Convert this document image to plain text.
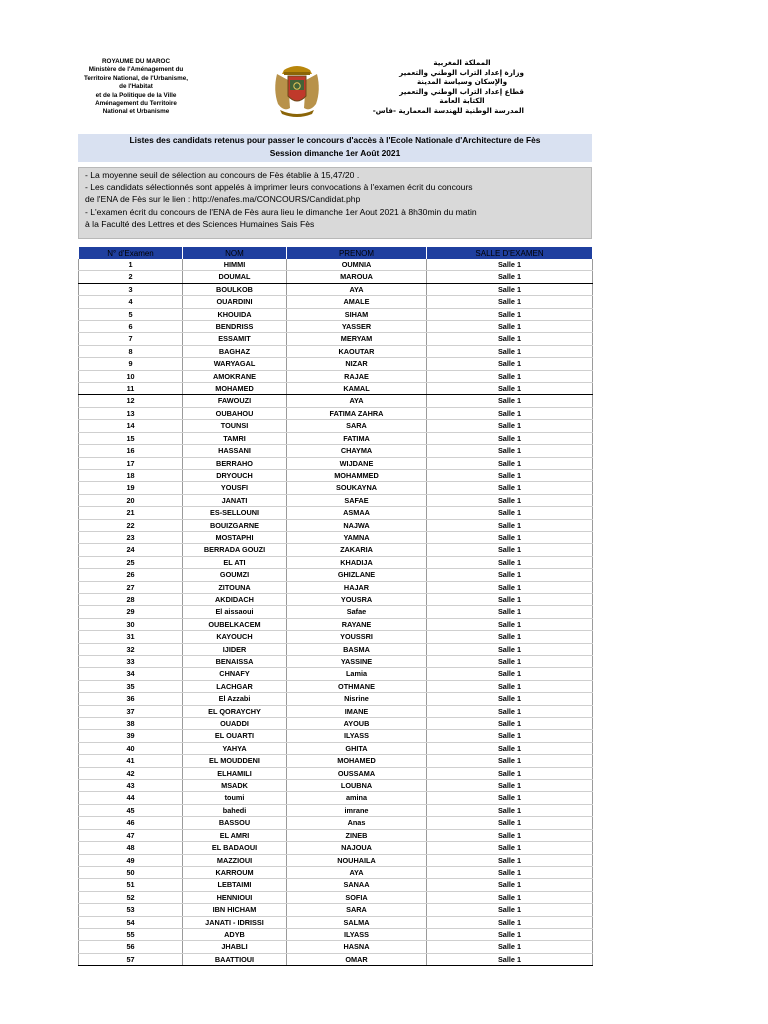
ROYAUME DU MAROC
Ministère de l'Aménagement du Territoire National, de l'Urbanisme, de l'Habitat
et de la Politique de la Ville
Aménagement du Territoire
National et Urbanisme
المملكة المغربية
وزارة إعداد التراب الوطني والتعمير
والإسكان وسياسة المدينة
قطاع إعداد التراب الوطني والتعمير
الكتابة العامة
المدرسة الوطنية للهندسة المعمارية -فاس-
Listes des candidats retenus pour passer le concours d'accès à l'Ecole Nationale d'Architecture de Fès
Session dimanche 1er Août 2021
- La moyenne seuil de sélection au concours de Fès établie à 15,47/20 .
- Les candidats sélectionnés sont appelés à imprimer leurs convocations à l'examen écrit du concours
de l'ENA de Fès sur le lien : http://enafes.ma/CONCOURS/Candidat.php
- L'examen écrit du concours de l'ENA de Fès aura lieu le dimanche 1er Aout 2021 à 8h30min du matin
à la Faculté des Lettres et des Sciences Humaines Sais Fès
N° d'Examen	NOM	PRENOM	SALLE D'EXAMEN
1	HIMMI	OUMNIA	Salle 1
2	DOUMAL	MAROUA	Salle 1
3	BOULKOB	AYA	Salle 1
4	OUARDINI	AMALE	Salle 1
5	KHOUIDA	SIHAM	Salle 1
6	BENDRISS	YASSER	Salle 1
7	ESSAMIT	MERYAM	Salle 1
8	BAGHAZ	KAOUTAR	Salle 1
9	WARYAGAL	NIZAR	Salle 1
10	AMOKRANE	RAJAE	Salle 1
11	MOHAMED	KAMAL	Salle 1
12	FAWOUZI	AYA	Salle 1
13	OUBAHOU	FATIMA ZAHRA	Salle 1
14	TOUNSI	SARA	Salle 1
15	TAMRI	FATIMA	Salle 1
16	HASSANI	CHAYMA	Salle 1
17	BERRAHO	WIJDANE	Salle 1
18	DRYOUCH	MOHAMMED	Salle 1
19	YOUSFI	SOUKAYNA	Salle 1
20	JANATI	SAFAE	Salle 1
21	ES-SELLOUNI	ASMAA	Salle 1
22	BOUIZGARNE	NAJWA	Salle 1
23	MOSTAPHI	YAMNA	Salle 1
24	BERRADA GOUZI	ZAKARIA	Salle 1
25	EL ATI	KHADIJA	Salle 1
26	GOUMZI	GHIZLANE	Salle 1
27	ZITOUNA	HAJAR	Salle 1
28	AKDIDACH	YOUSRA	Salle 1
29	El aissaoui	Safae	Salle 1
30	OUBELKACEM	RAYANE	Salle 1
31	KAYOUCH	YOUSSRI	Salle 1
32	IJIDER	BASMA	Salle 1
33	BENAISSA	YASSINE	Salle 1
34	CHNAFY	Lamia	Salle 1
35	LACHGAR	OTHMANE	Salle 1
36	El Azzabi	Nisrine	Salle 1
37	EL QORAYCHY	IMANE	Salle 1
38	OUADDI	AYOUB	Salle 1
39	EL OUARTI	ILYASS	Salle 1
40	YAHYA	GHITA	Salle 1
41	EL MOUDDENI	MOHAMED	Salle 1
42	ELHAMILI	OUSSAMA	Salle 1
43	MSADK	LOUBNA	Salle 1
44	toumi	amina	Salle 1
45	bahedi	imrane	Salle 1
46	BASSOU	Anas	Salle 1
47	EL AMRI	ZINEB	Salle 1
48	EL BADAOUI	NAJOUA	Salle 1
49	MAZZIOUI	NOUHAILA	Salle 1
50	KARROUM	AYA	Salle 1
51	LEBTAIMI	SANAA	Salle 1
52	HENNIOUI	SOFIA	Salle 1
53	IBN HICHAM	SARA	Salle 1
54	JANATI - IDRISSI	SALMA	Salle 1
55	ADYB	ILYASS	Salle 1
56	JHABLI	HASNA	Salle 1
57	BAATTIOUI	OMAR	Salle 1
